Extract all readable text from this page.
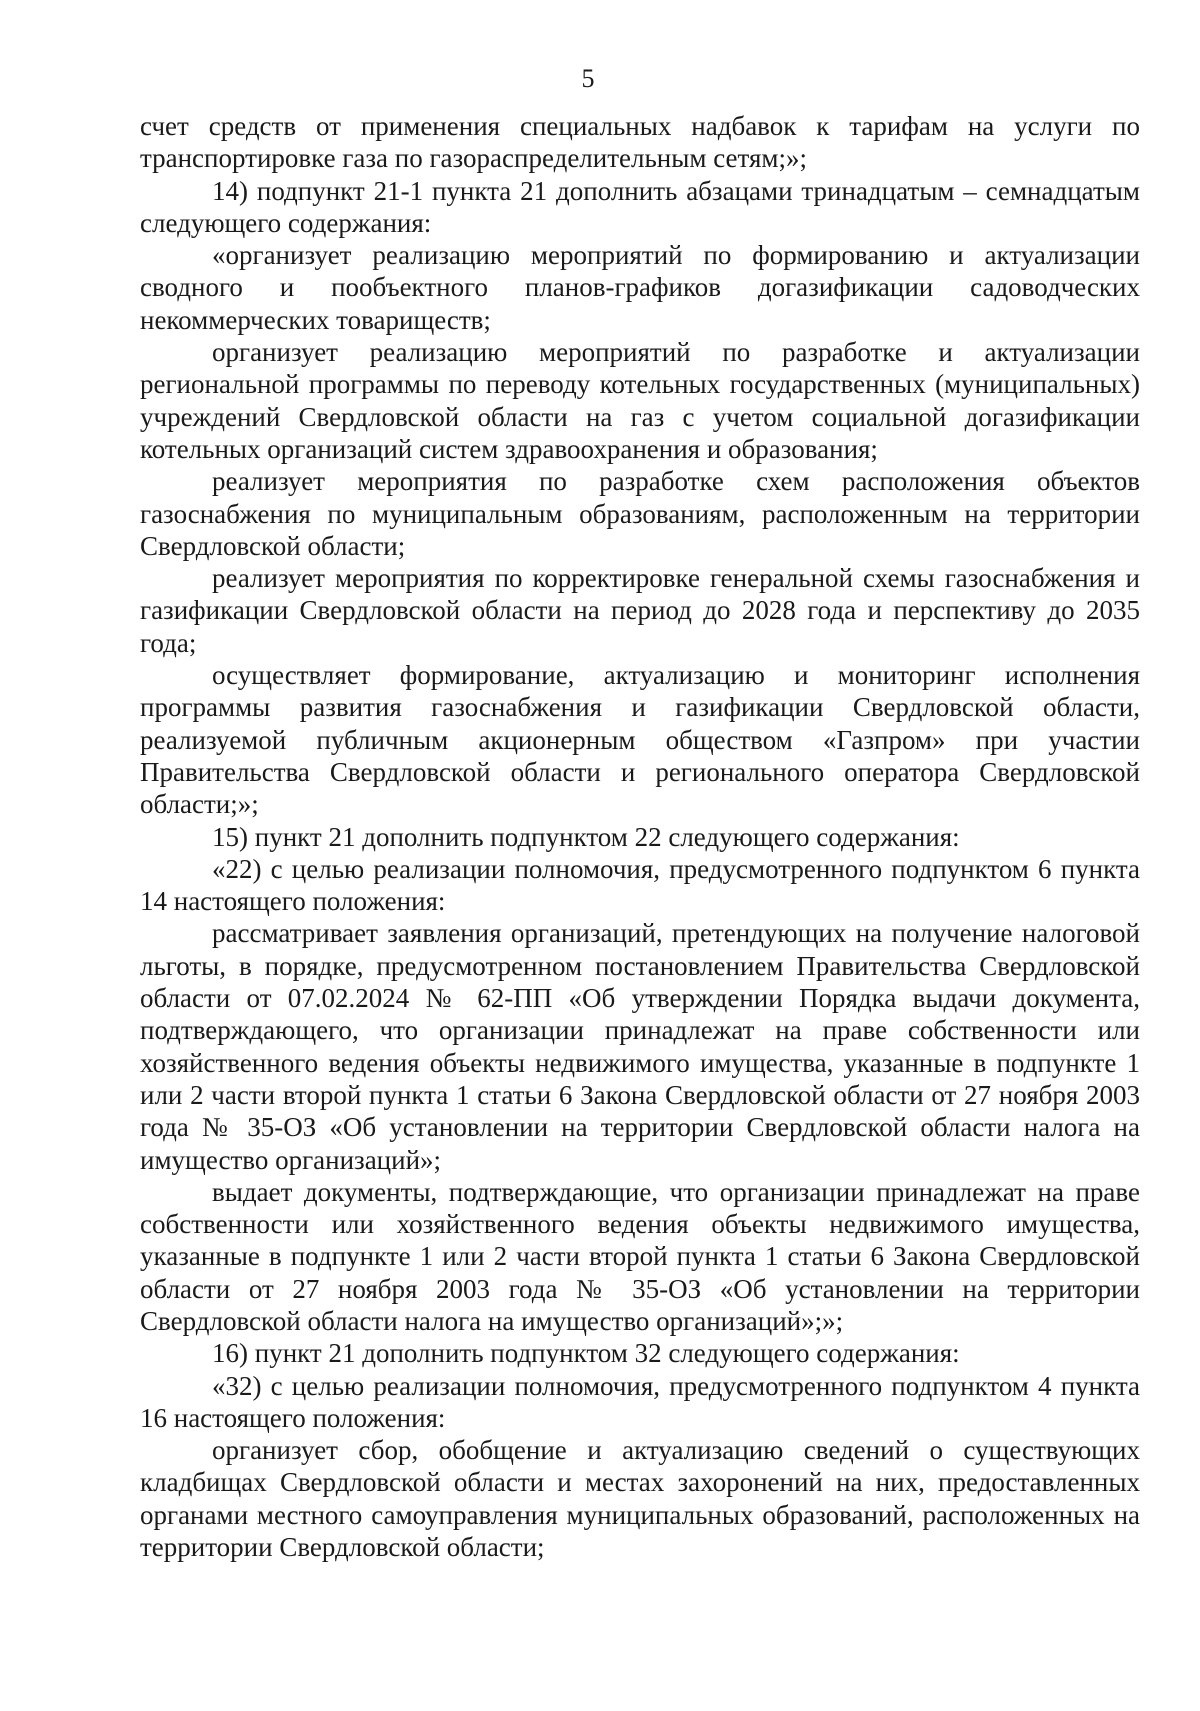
5

счет средств от применения специальных надбавок к тарифам на услуги по транспортировке газа по газораспределительным сетям;»;

14) подпункт 21-1 пункта 21 дополнить абзацами тринадцатым – семнадцатым следующего содержания:

«организует реализацию мероприятий по формированию и актуализации сводного и пообъектного планов-графиков догазификации садоводческих некоммерческих товариществ;

организует реализацию мероприятий по разработке и актуализации региональной программы по переводу котельных государственных (муниципальных) учреждений Свердловской области на газ с учетом социальной догазификации котельных организаций систем здравоохранения и образования;

реализует мероприятия по разработке схем расположения объектов газоснабжения по муниципальным образованиям, расположенным на территории Свердловской области;

реализует мероприятия по корректировке генеральной схемы газоснабжения и газификации Свердловской области на период до 2028 года и перспективу до 2035 года;

осуществляет формирование, актуализацию и мониторинг исполнения программы развития газоснабжения и газификации Свердловской области, реализуемой публичным акционерным обществом «Газпром» при участии Правительства Свердловской области и регионального оператора Свердловской области;»;

15) пункт 21 дополнить подпунктом 22 следующего содержания:

«22) с целью реализации полномочия, предусмотренного подпунктом 6 пункта 14 настоящего положения:

рассматривает заявления организаций, претендующих на получение налоговой льготы, в порядке, предусмотренном постановлением Правительства Свердловской области от 07.02.2024 № 62-ПП «Об утверждении Порядка выдачи документа, подтверждающего, что организации принадлежат на праве собственности или хозяйственного ведения объекты недвижимого имущества, указанные в подпункте 1 или 2 части второй пункта 1 статьи 6 Закона Свердловской области от 27 ноября 2003 года № 35-ОЗ «Об установлении на территории Свердловской области налога на имущество организаций»;

выдает документы, подтверждающие, что организации принадлежат на праве собственности или хозяйственного ведения объекты недвижимого имущества, указанные в подпункте 1 или 2 части второй пункта 1 статьи 6 Закона Свердловской области от 27 ноября 2003 года № 35-ОЗ «Об установлении на территории Свердловской области налога на имущество организаций»;»;

16) пункт 21 дополнить подпунктом 32 следующего содержания:

«32) с целью реализации полномочия, предусмотренного подпунктом 4 пункта 16 настоящего положения:

организует сбор, обобщение и актуализацию сведений о существующих кладбищах Свердловской области и местах захоронений на них, предоставленных органами местного самоуправления муниципальных образований, расположенных на территории Свердловской области;
